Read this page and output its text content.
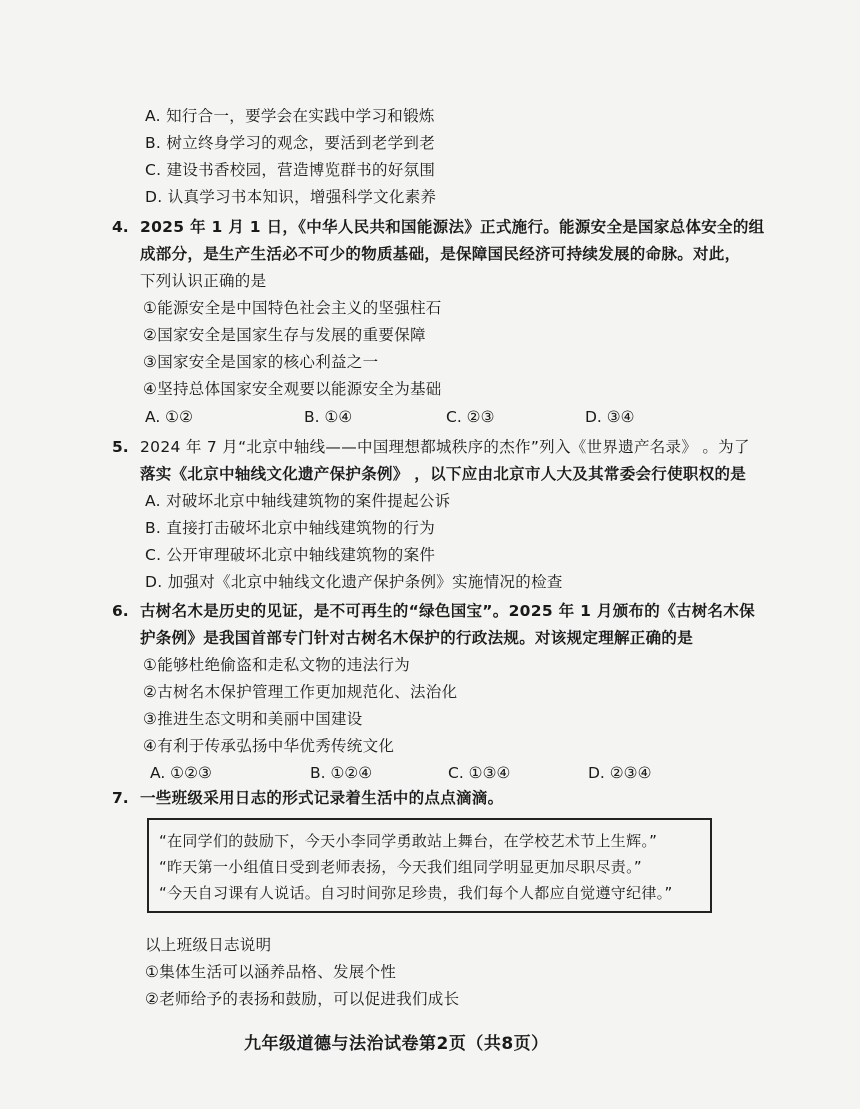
A. 知行合一，要学会在实践中学习和锻炼
B. 树立终身学习的观念，要活到老学到老
C. 建设书香校园，营造博览群书的好氛围
D. 认真学习书本知识，增强科学文化素养
4. 2025 年 1 月 1 日，《中华人民共和国能源法》正式施行。能源安全是国家总体安全的组
成部分，是生产生活必不可少的物质基础，是保障国民经济可持续发展的命脉。对此，
下列认识正确的是
①能源安全是中国特色社会主义的坚强柱石
②国家安全是国家生存与发展的重要保障
③国家安全是国家的核心利益之一
④坚持总体国家安全观要以能源安全为基础
A. ①②	B. ①④	C. ②③	D. ③④
5. 2024 年 7 月“北京中轴线——中国理想都城秩序的杰作”列入《世界遗产名录》 。为了
落实《北京中轴线文化遗产保护条例》 ，以下应由北京市人大及其常委会行使职权的是
A. 对破坏北京中轴线建筑物的案件提起公诉
B. 直接打击破坏北京中轴线建筑物的行为
C. 公开审理破坏北京中轴线建筑物的案件
D. 加强对《北京中轴线文化遗产保护条例》实施情况的检查
6. 古树名木是历史的见证，是不可再生的“绿色国宝”。2025 年 1 月颁布的《古树名木保
护条例》是我国首部专门针对古树名木保护的行政法规。对该规定理解正确的是
①能够杜绝偷盗和走私文物的违法行为
②古树名木保护管理工作更加规范化、法治化
③推进生态文明和美丽中国建设
④有利于传承弘扬中华优秀传统文化
A. ①②③	B. ①②④	C. ①③④	D. ②③④
7. 一些班级采用日志的形式记录着生活中的点点滴滴。
“在同学们的鼓励下，今天小李同学勇敢站上舞台，在学校艺术节上生辉。”
“昨天第一小组值日受到老师表扬，今天我们组同学明显更加尽职尽责。”
“今天自习课有人说话。自习时间弥足珍贵，我们每个人都应自觉遵守纪律。”
以上班级日志说明
①集体生活可以涵养品格、发展个性
②老师给予的表扬和鼓励，可以促进我们成长
九年级道德与法治试卷第2页（共8页）
